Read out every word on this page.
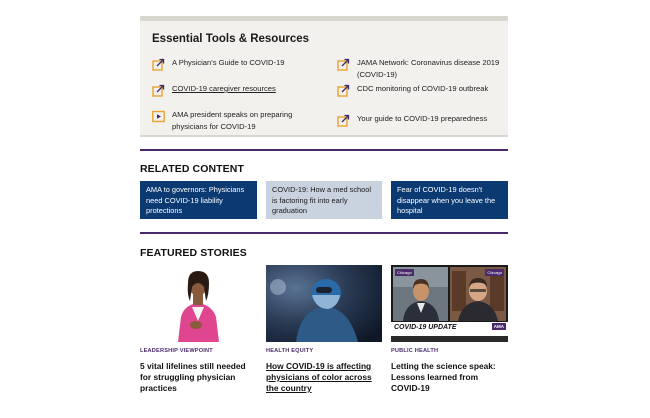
Essential Tools & Resources
A Physician's Guide to COVID-19
COVID-19 caregiver resources
AMA president speaks on preparing physicians for COVID-19
JAMA Network: Coronavirus disease 2019 (COVID-19)
CDC monitoring of COVID-19 outbreak
Your guide to COVID-19 preparedness
RELATED CONTENT
AMA to governors: Physicians need COVID-19 liability protections
COVID-19: How a med school is factoring fit into early graduation
Fear of COVID-19 doesn't disappear when you leave the hospital
FEATURED STORIES
Chicago	Chicago
COVID-19 UPDATE	AMA
LEADERSHIP VIEWPOINT	HEALTH EQUITY	PUBLIC HEALTH
5 vital lifelines still needed for struggling physician practices
How COVID-19 is affecting physicians of color across the country
Letting the science speak: Lessons learned from COVID-19
